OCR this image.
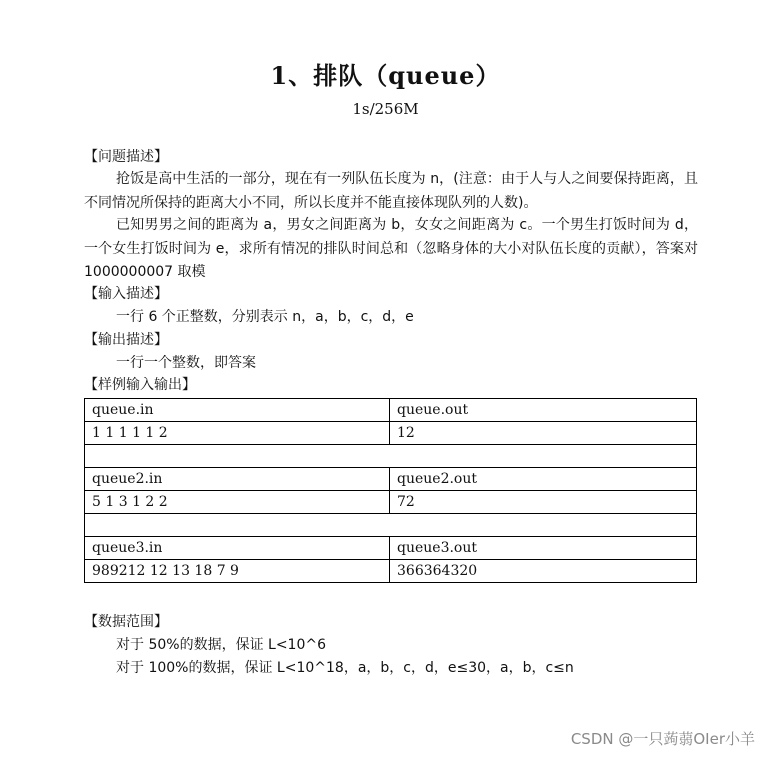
1、排队（queue）
1s/256M
【问题描述】
抢饭是高中生活的一部分，现在有一列队伍长度为 n，(注意：由于人与人之间要保持距离，且不同情况所保持的距离大小不同，所以长度并不能直接体现队列的人数)。
已知男男之间的距离为 a，男女之间距离为 b，女女之间距离为 c。一个男生打饭时间为 d，一个女生打饭时间为 e，求所有情况的排队时间总和（忽略身体的大小对队伍长度的贡献），答案对 1000000007 取模
【输入描述】
一行 6 个正整数，分别表示 n，a，b，c，d，e
【输出描述】
一行一个整数，即答案
【样例输入输出】
queue.in	queue.out
1 1 1 1 1 2	12

queue2.in	queue2.out
5 1 3 1 2 2	72

queue3.in	queue3.out
989212 12 13 18 7 9	366364320
【数据范围】
对于 50%的数据，保证 L<10^6
对于 100%的数据，保证 L<10^18，a，b，c，d，e≤30，a，b，c≤n
CSDN @一只蒟蒻OIer小羊
